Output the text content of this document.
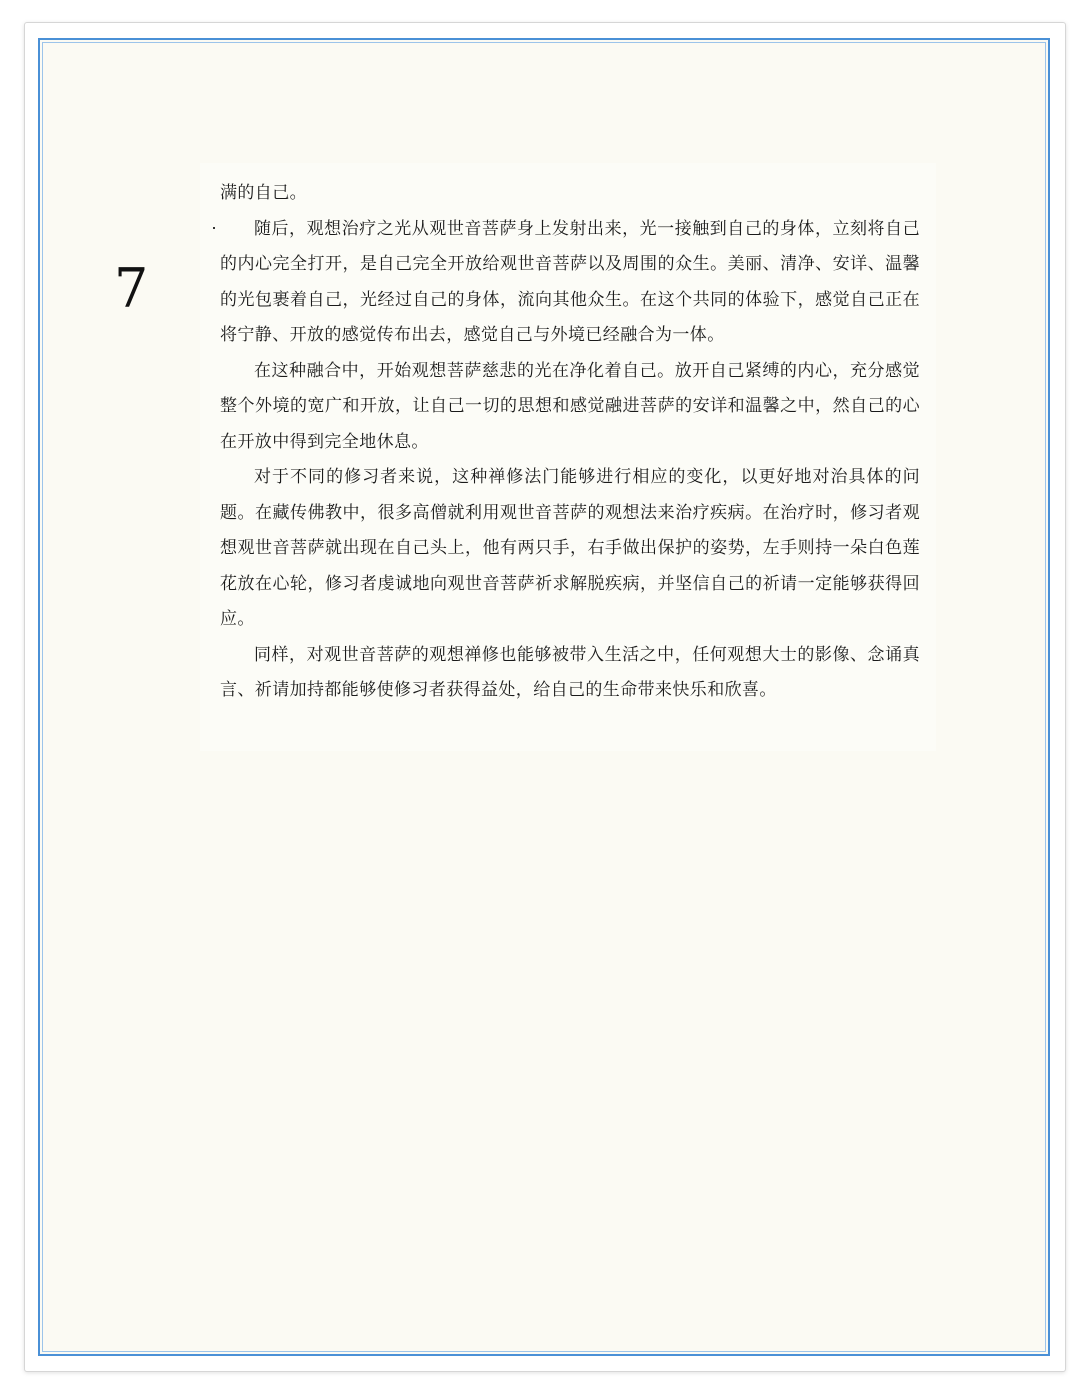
7

满的自己。

随后，观想治疗之光从观世音菩萨身上发射出来，光一接触到自己的身体，立刻将自己的内心完全打开，是自己完全开放给观世音菩萨以及周围的众生。美丽、清净、安详、温馨的光包裹着自己，光经过自己的身体，流向其他众生。在这个共同的体验下，感觉自己正在将宁静、开放的感觉传布出去，感觉自己与外境已经融合为一体。

在这种融合中，开始观想菩萨慈悲的光在净化着自己。放开自己紧缚的内心，充分感觉整个外境的宽广和开放，让自己一切的思想和感觉融进菩萨的安详和温馨之中，然自己的心在开放中得到完全地休息。

对于不同的修习者来说，这种禅修法门能够进行相应的变化，以更好地对治具体的问题。在藏传佛教中，很多高僧就利用观世音菩萨的观想法来治疗疾病。在治疗时，修习者观想观世音菩萨就出现在自己头上，他有两只手，右手做出保护的姿势，左手则持一朵白色莲花放在心轮，修习者虔诚地向观世音菩萨祈求解脱疾病，并坚信自己的祈请一定能够获得回应。

同样，对观世音菩萨的观想禅修也能够被带入生活之中，任何观想大士的影像、念诵真言、祈请加持都能够使修习者获得益处，给自己的生命带来快乐和欣喜。
